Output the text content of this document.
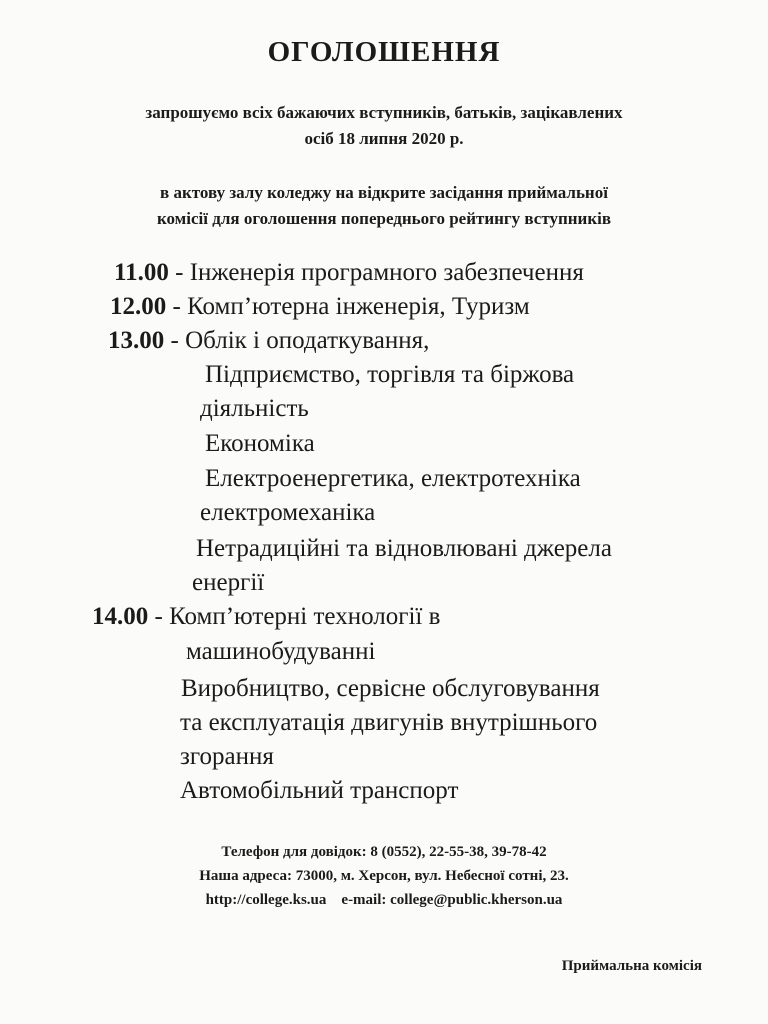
ОГОЛОШЕННЯ
запрошуємо всіх бажаючих вступників, батьків, зацікавлених
осіб 18 липня 2020 р.
в актову залу коледжу на відкрите засідання приймальної
комісії для оголошення попереднього рейтингу вступників
11.00 - Інженерія програмного забезпечення
12.00 - Комп’ютерна інженерія, Туризм
13.00 - Облік і оподаткування,
Підприємство, торгівля та біржова
діяльність
Економіка
Електроенергетика, електротехніка
електромеханіка
Нетрадиційні та відновлювані джерела
енергії
14.00 - Комп’ютерні технології в
машинобудуванні
Виробництво, сервісне обслуговування
та експлуатація двигунів внутрішнього
згорання
Автомобільний транспорт
Телефон для довідок: 8 (0552), 22-55-38, 39-78-42
Наша адреса: 73000, м. Херсон, вул. Небесної сотні, 23.
http://college.ks.ua e-mail: college@public.kherson.ua
Приймальна комісія
